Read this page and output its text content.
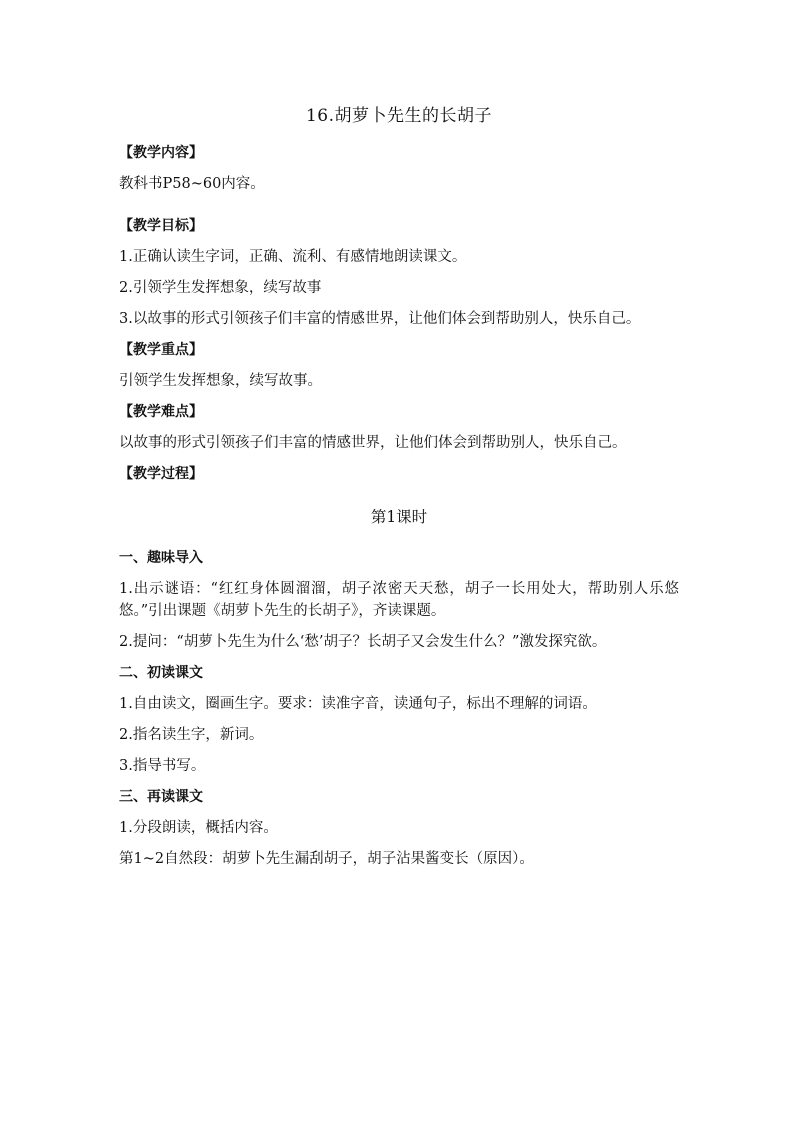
16.胡萝卜先生的长胡子
【教学内容】
教科书P58~60内容。
【教学目标】
1.正确认读生字词，正确、流利、有感情地朗读课文。
2.引领学生发挥想象，续写故事
3.以故事的形式引领孩子们丰富的情感世界，让他们体会到帮助别人，快乐自己。
【教学重点】
引领学生发挥想象，续写故事。
【教学难点】
以故事的形式引领孩子们丰富的情感世界，让他们体会到帮助别人，快乐自己。
【教学过程】
第1课时
一、趣味导入
1.出示谜语：“红红身体圆溜溜，胡子浓密天天愁，胡子一长用处大，帮助别人乐悠悠。”引出课题《胡萝卜先生的长胡子》，齐读课题。
2.提问：“胡萝卜先生为什么‘愁’胡子？长胡子又会发生什么？”激发探究欲。
二、初读课文
1.自由读文，圈画生字。要求：读准字音，读通句子，标出不理解的词语。
2.指名读生字，新词。
3.指导书写。
三、再读课文
1.分段朗读，概括内容。
第1~2自然段：胡萝卜先生漏刮胡子，胡子沾果酱变长（原因）。
